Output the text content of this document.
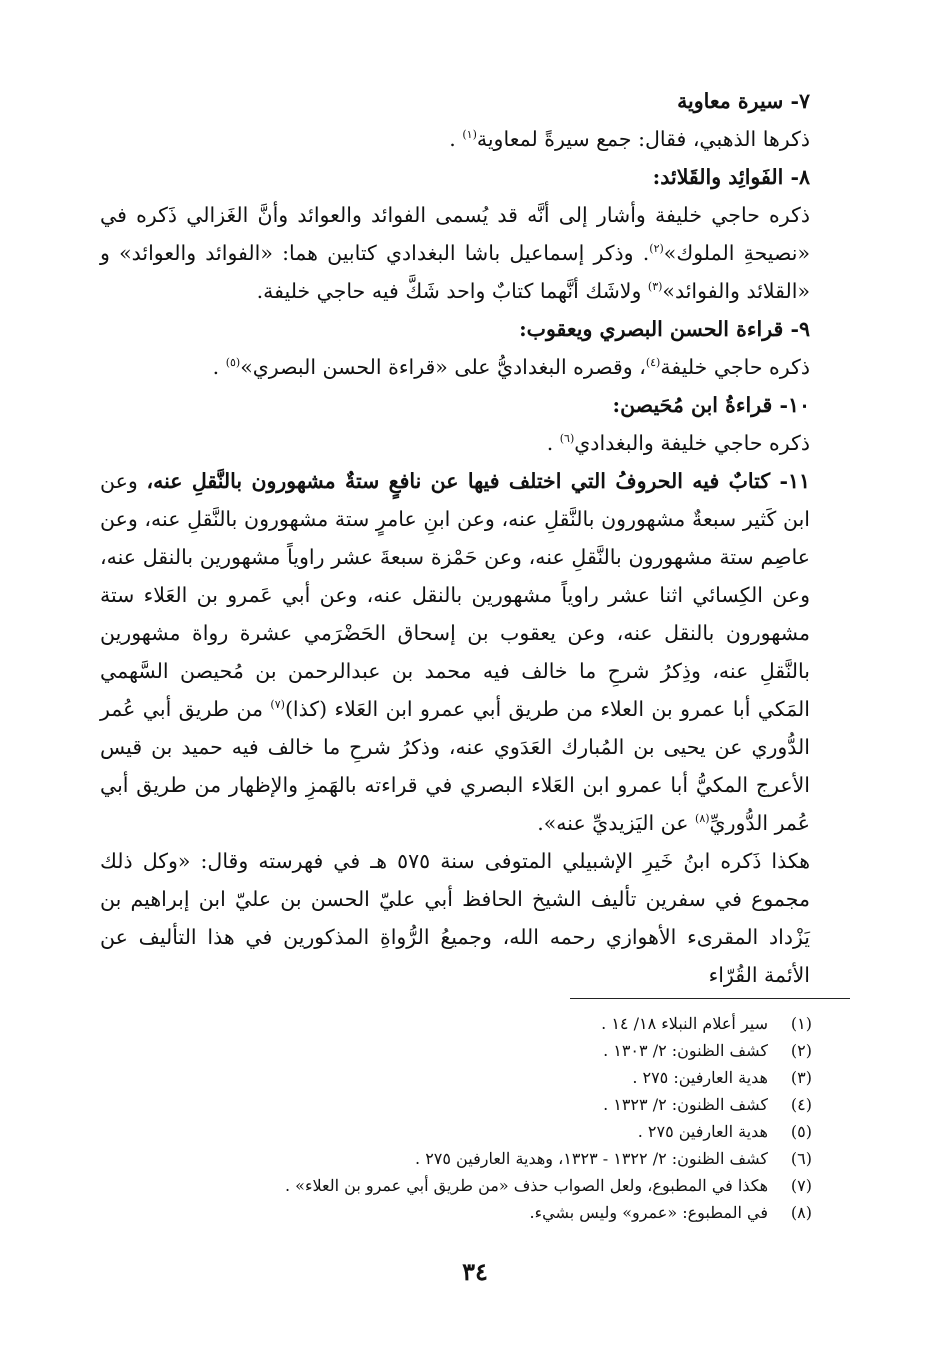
٧- سيرة معاوية

ذكرها الذهبي، فقال: جمع سيرةً لمعاوية$^{(١)}$ .

٨- الفَوائِد والقَلائد:

ذكره حاجي خليفة وأشار إلى أنَّه قد يُسمى الفوائد والعوائد وأنَّ الغَزالي ذَكره في «نصيحةِ الملوك»$^{(٢)}$. وذكر إسماعيل باشا البغدادي كتابين هما: «الفوائد والعوائد» و «القلائد والفوائد»$^{(٣)}$ ولاشَك أنَّهما كتابٌ واحد شَكَّ فيه حاجي خليفة.

٩- قراءة الحسن البصري ويعقوب:

ذكره حاجي خليفة$^{(٤)}$، وقصره البغداديُّ على «قراءة الحسن البصري»$^{(٥)}$ .

١٠- قراءةُ ابن مُحَيصن:

ذكره حاجي خليفة والبغدادي$^{(٦)}$ .

١١- كتابٌ فيه الحروفُ التي اختلف فيها عن نافعٍ ستةٌ مشهورون بالنَّقلِ عنه، وعن ابن كَثير سبعةٌ مشهورون بالنَّقلِ عنه، وعن ابنِ عامرٍ ستة مشهورون بالنَّقلِ عنه، وعن عاصِم ستة مشهورون بالنَّقلِ عنه، وعن حَمْزة سبعةَ عشر راوياً مشهورين بالنقل عنه، وعن الكِسائي اثنا عشر راوياً مشهورين بالنقل عنه، وعن أبي عَمرو بن العَلاء ستة مشهورون بالنقل عنه، وعن يعقوب بن إسحاق الحَضْرَمي عشرة رواة مشهورين بالنَّقلِ عنه، وذِكرُ شرحِ ما خالف فيه محمد بن عبدالرحمن بن مُحيصن السَّهمي المَكي أبا عمرو بن العلاء من طريق أبي عمرو ابن العَلاء (كذا)$^{(٧)}$ من طريق أبي عُمر الدُّوري عن يحيى بن المُبارك العَدَوي عنه، وذكرُ شرحِ ما خالف فيه حميد بن قيس الأعرج المكيُّ أبا عمرو ابن العَلاء البصري في قراءته بالهَمزِ والإظهار من طريق أبي عُمر الدُّوريِّ$^{(٨)}$ عن اليَزيديِّ عنه».

هكذا ذَكره ابنُ خَيرِ الإشبيلي المتوفى سنة ٥٧٥ هـ في فهرسته وقال: «وكل ذلك مجموع في سفرين تأليف الشيخ الحافظ أبي عليّ الحسن بن عليّ ابن إبراهيم بن يَزْداد المقرىء الأهوازي رحمه الله، وجميعُ الرُّواةِ المذكورين في هذا التأليف عن الأئمة القُرّاء

(١)
سير أعلام النبلاء ١٨/ ١٤ .
(٢)
كشف الظنون: ٢/ ١٣٠٣ .
(٣)
هدية العارفين: ٢٧٥ .
(٤)
كشف الظنون: ٢/ ١٣٢٣ .
(٥)
هدية العارفين ٢٧٥ .
(٦)
كشف الظنون: ٢/ ١٣٢٢ - ١٣٢٣، وهدية العارفين ٢٧٥ .
(٧)
هكذا في المطبوع، ولعل الصواب حذف «من طريق أبي عمرو بن العلاء» .
(٨)
في المطبوع: «عمرو» وليس بشيء.
٣٤
